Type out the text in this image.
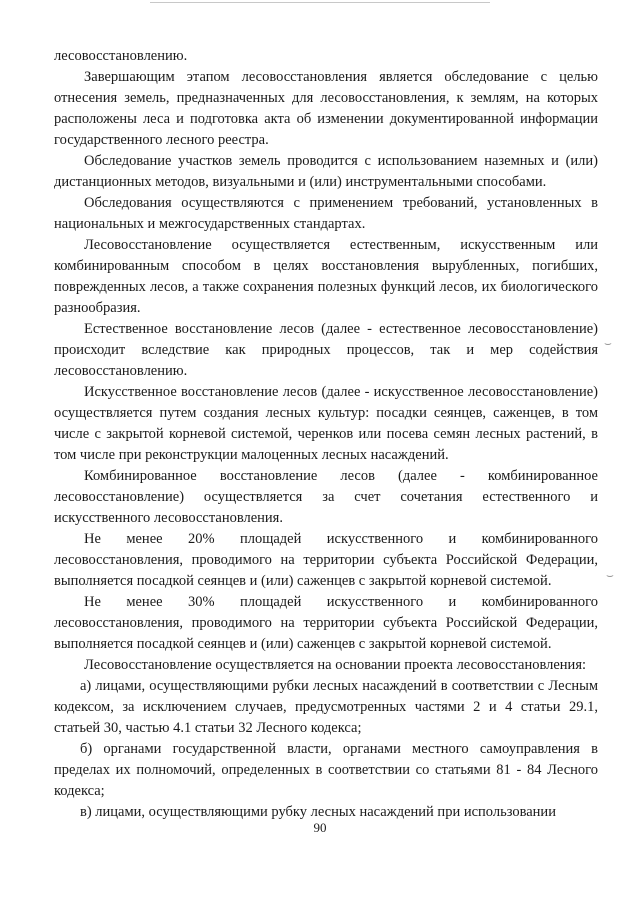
лесовосстановлению.

Завершающим этапом лесовосстановления является обследование с целью отнесения земель, предназначенных для лесовосстановления, к землям, на которых расположены леса и подготовка акта об изменении документированной информации государственного лесного реестра.

Обследование участков земель проводится с использованием наземных и (или) дистанционных методов, визуальными и (или) инструментальными способами.

Обследования осуществляются с применением требований, установленных в национальных и межгосударственных стандартах.

Лесовосстановление осуществляется естественным, искусственным или комбинированным способом в целях восстановления вырубленных, погибших, поврежденных лесов, а также сохранения полезных функций лесов, их биологического разнообразия.

Естественное восстановление лесов (далее - естественное лесовосстановление) происходит вследствие как природных процессов, так и мер содействия лесовосстановлению.

Искусственное восстановление лесов (далее - искусственное лесовосстановление) осуществляется путем создания лесных культур: посадки сеянцев, саженцев, в том числе с закрытой корневой системой, черенков или посева семян лесных растений, в том числе при реконструкции малоценных лесных насаждений.

Комбинированное восстановление лесов (далее - комбинированное лесовосстановление) осуществляется за счет сочетания естественного и искусственного лесовосстановления.

Не менее 20% площадей искусственного и комбинированного лесовосстановления, проводимого на территории субъекта Российской Федерации, выполняется посадкой сеянцев и (или) саженцев с закрытой корневой системой.

Не менее 30% площадей искусственного и комбинированного лесовосстановления, проводимого на территории субъекта Российской Федерации, выполняется посадкой сеянцев и (или) саженцев с закрытой корневой системой.

Лесовосстановление осуществляется на основании проекта лесовосстановления:

а) лицами, осуществляющими рубки лесных насаждений в соответствии с Лесным кодексом, за исключением случаев, предусмотренных частями 2 и 4 статьи 29.1, статьей 30, частью 4.1 статьи 32 Лесного кодекса;

б) органами государственной власти, органами местного самоуправления в пределах их полномочий, определенных в соответствии со статьями 81 - 84 Лесного кодекса;

в) лицами, осуществляющими рубку лесных насаждений при использовании

⌣
⌣
90
